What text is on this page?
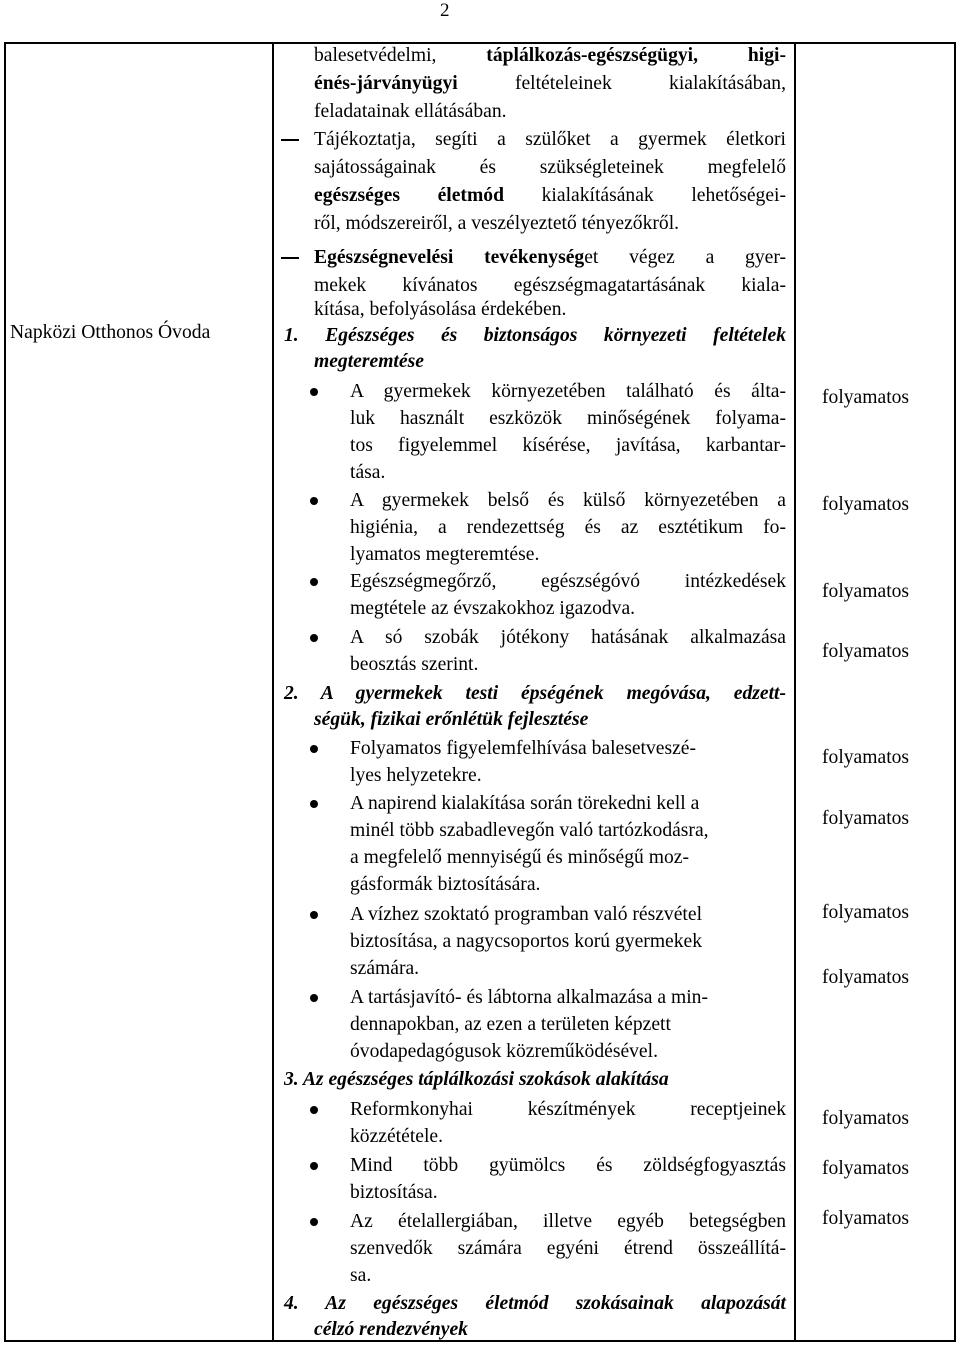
2
Napközi Otthonos Óvoda
balesetvédelmi, táplálkozás-egészségügyi, higi-
énés-járványügyi feltételeinek kialakításában,
feladatainak ellátásában.
Tájékoztatja, segíti a szülőket a gyermek életkori
sajátosságainak és szükségleteinek megfelelő
egészséges életmód kialakításának lehetőségei-
ről, módszereiről, a veszélyeztető tényezőkről.
Egészségnevelési tevékenységet végez a gyer-
mekek kívánatos egészségmagatartásának kiala-
kítása, befolyásolása érdekében.
1. Egészséges és biztonságos környezeti feltételek
megteremtése
A gyermekek környezetében található és álta-
luk használt eszközök minőségének folyama-
tos figyelemmel kísérése, javítása, karbantar-
tása.
A gyermekek belső és külső környezetében a
higiénia, a rendezettség és az esztétikum fo-
lyamatos megteremtése.
Egészségmegőrző, egészségóvó intézkedések
megtétele az évszakokhoz igazodva.
A só szobák jótékony hatásának alkalmazása
beosztás szerint.
2. A gyermekek testi épségének megóvása, edzett-
ségük, fizikai erőnlétük fejlesztése
Folyamatos figyelemfelhívása balesetveszé-
lyes helyzetekre.
A napirend kialakítása során törekedni kell a
minél több szabadlevegőn való tartózkodásra,
a megfelelő mennyiségű és minőségű moz-
gásformák biztosítására.
A vízhez szoktató programban való részvétel
biztosítása, a nagycsoportos korú gyermekek
számára.
A tartásjavító- és lábtorna alkalmazása a min-
dennapokban, az ezen a területen képzett
óvodapedagógusok közreműködésével.
3. Az egészséges táplálkozási szokások alakítása
Reformkonyhai készítmények receptjeinek
közzététele.
Mind több gyümölcs és zöldségfogyasztás
biztosítása.
Az ételallergiában, illetve egyéb betegségben
szenvedők számára egyéni étrend összeállítá-
sa.
4. Az egészséges életmód szokásainak alapozását
célzó rendezvények
folyamatos
folyamatos
folyamatos
folyamatos
folyamatos
folyamatos
folyamatos
folyamatos
folyamatos
folyamatos
folyamatos
